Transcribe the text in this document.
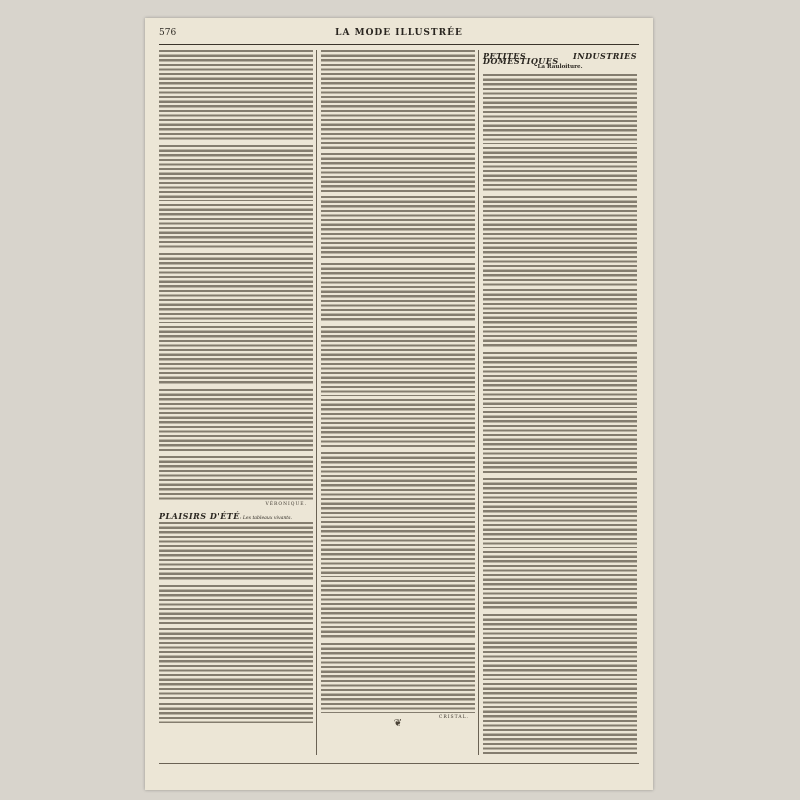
576	LA MODE ILLUSTRÉE
VÉRONIQUE.
PLAISIRS D'ÉTÉ: Les tableaux vivants.
CRISTAL.
PETITES INDUSTRIES DOMESTIQUES
La Rauloiture.
❦
